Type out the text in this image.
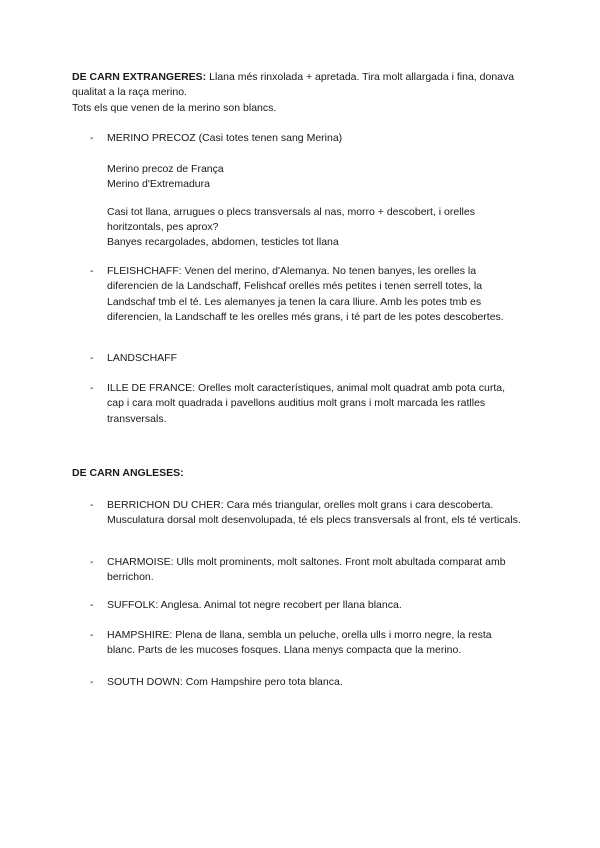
DE CARN EXTRANGERES: Llana més rinxolada + apretada. Tira molt allargada i fina, donava qualitat a la raça merino.

Tots els que venen de la merino son blancs.

-	MERINO PRECOZ (Casi totes tenen sang Merina)

Merino precoz de França

Merino d'Extremadura

Casi tot llana, arrugues o plecs transversals al nas, morro + descobert, i orelles horitzontals, pes aprox?

Banyes recargolades, abdomen, testicles tot llana

-	FLEISHCHAFF: Venen del merino, d'Alemanya. No tenen banyes, les orelles la diferencien de la Landschaff, Felishcaf orelles més petites i tenen serrell totes, la Landschaf tmb el té. Les alemanyes ja tenen la cara lliure. Amb les potes tmb es diferencien, la Landschaff te les orelles més grans, i té part de les potes descobertes.

-	LANDSCHAFF

-	ILLE DE FRANCE: Orelles molt característiques, animal molt quadrat amb pota curta, cap i cara molt quadrada i pavellons auditius molt grans i molt marcada les ratlles transversals.

DE CARN ANGLESES:

-	BERRICHON DU CHER: Cara més triangular, orelles molt grans i cara descoberta. Musculatura dorsal molt desenvolupada, té els plecs transversals al front, els té verticals.

-	CHARMOISE: Ulls molt prominents, molt saltones. Front molt abultada comparat amb berrichon.

-	SUFFOLK: Anglesa. Animal tot negre recobert per llana blanca.

-	HAMPSHIRE: Plena de llana, sembla un peluche, orella ulls i morro negre, la resta blanc. Parts de les mucoses fosques. Llana menys compacta que la merino.

-	SOUTH DOWN: Com Hampshire pero tota blanca.
